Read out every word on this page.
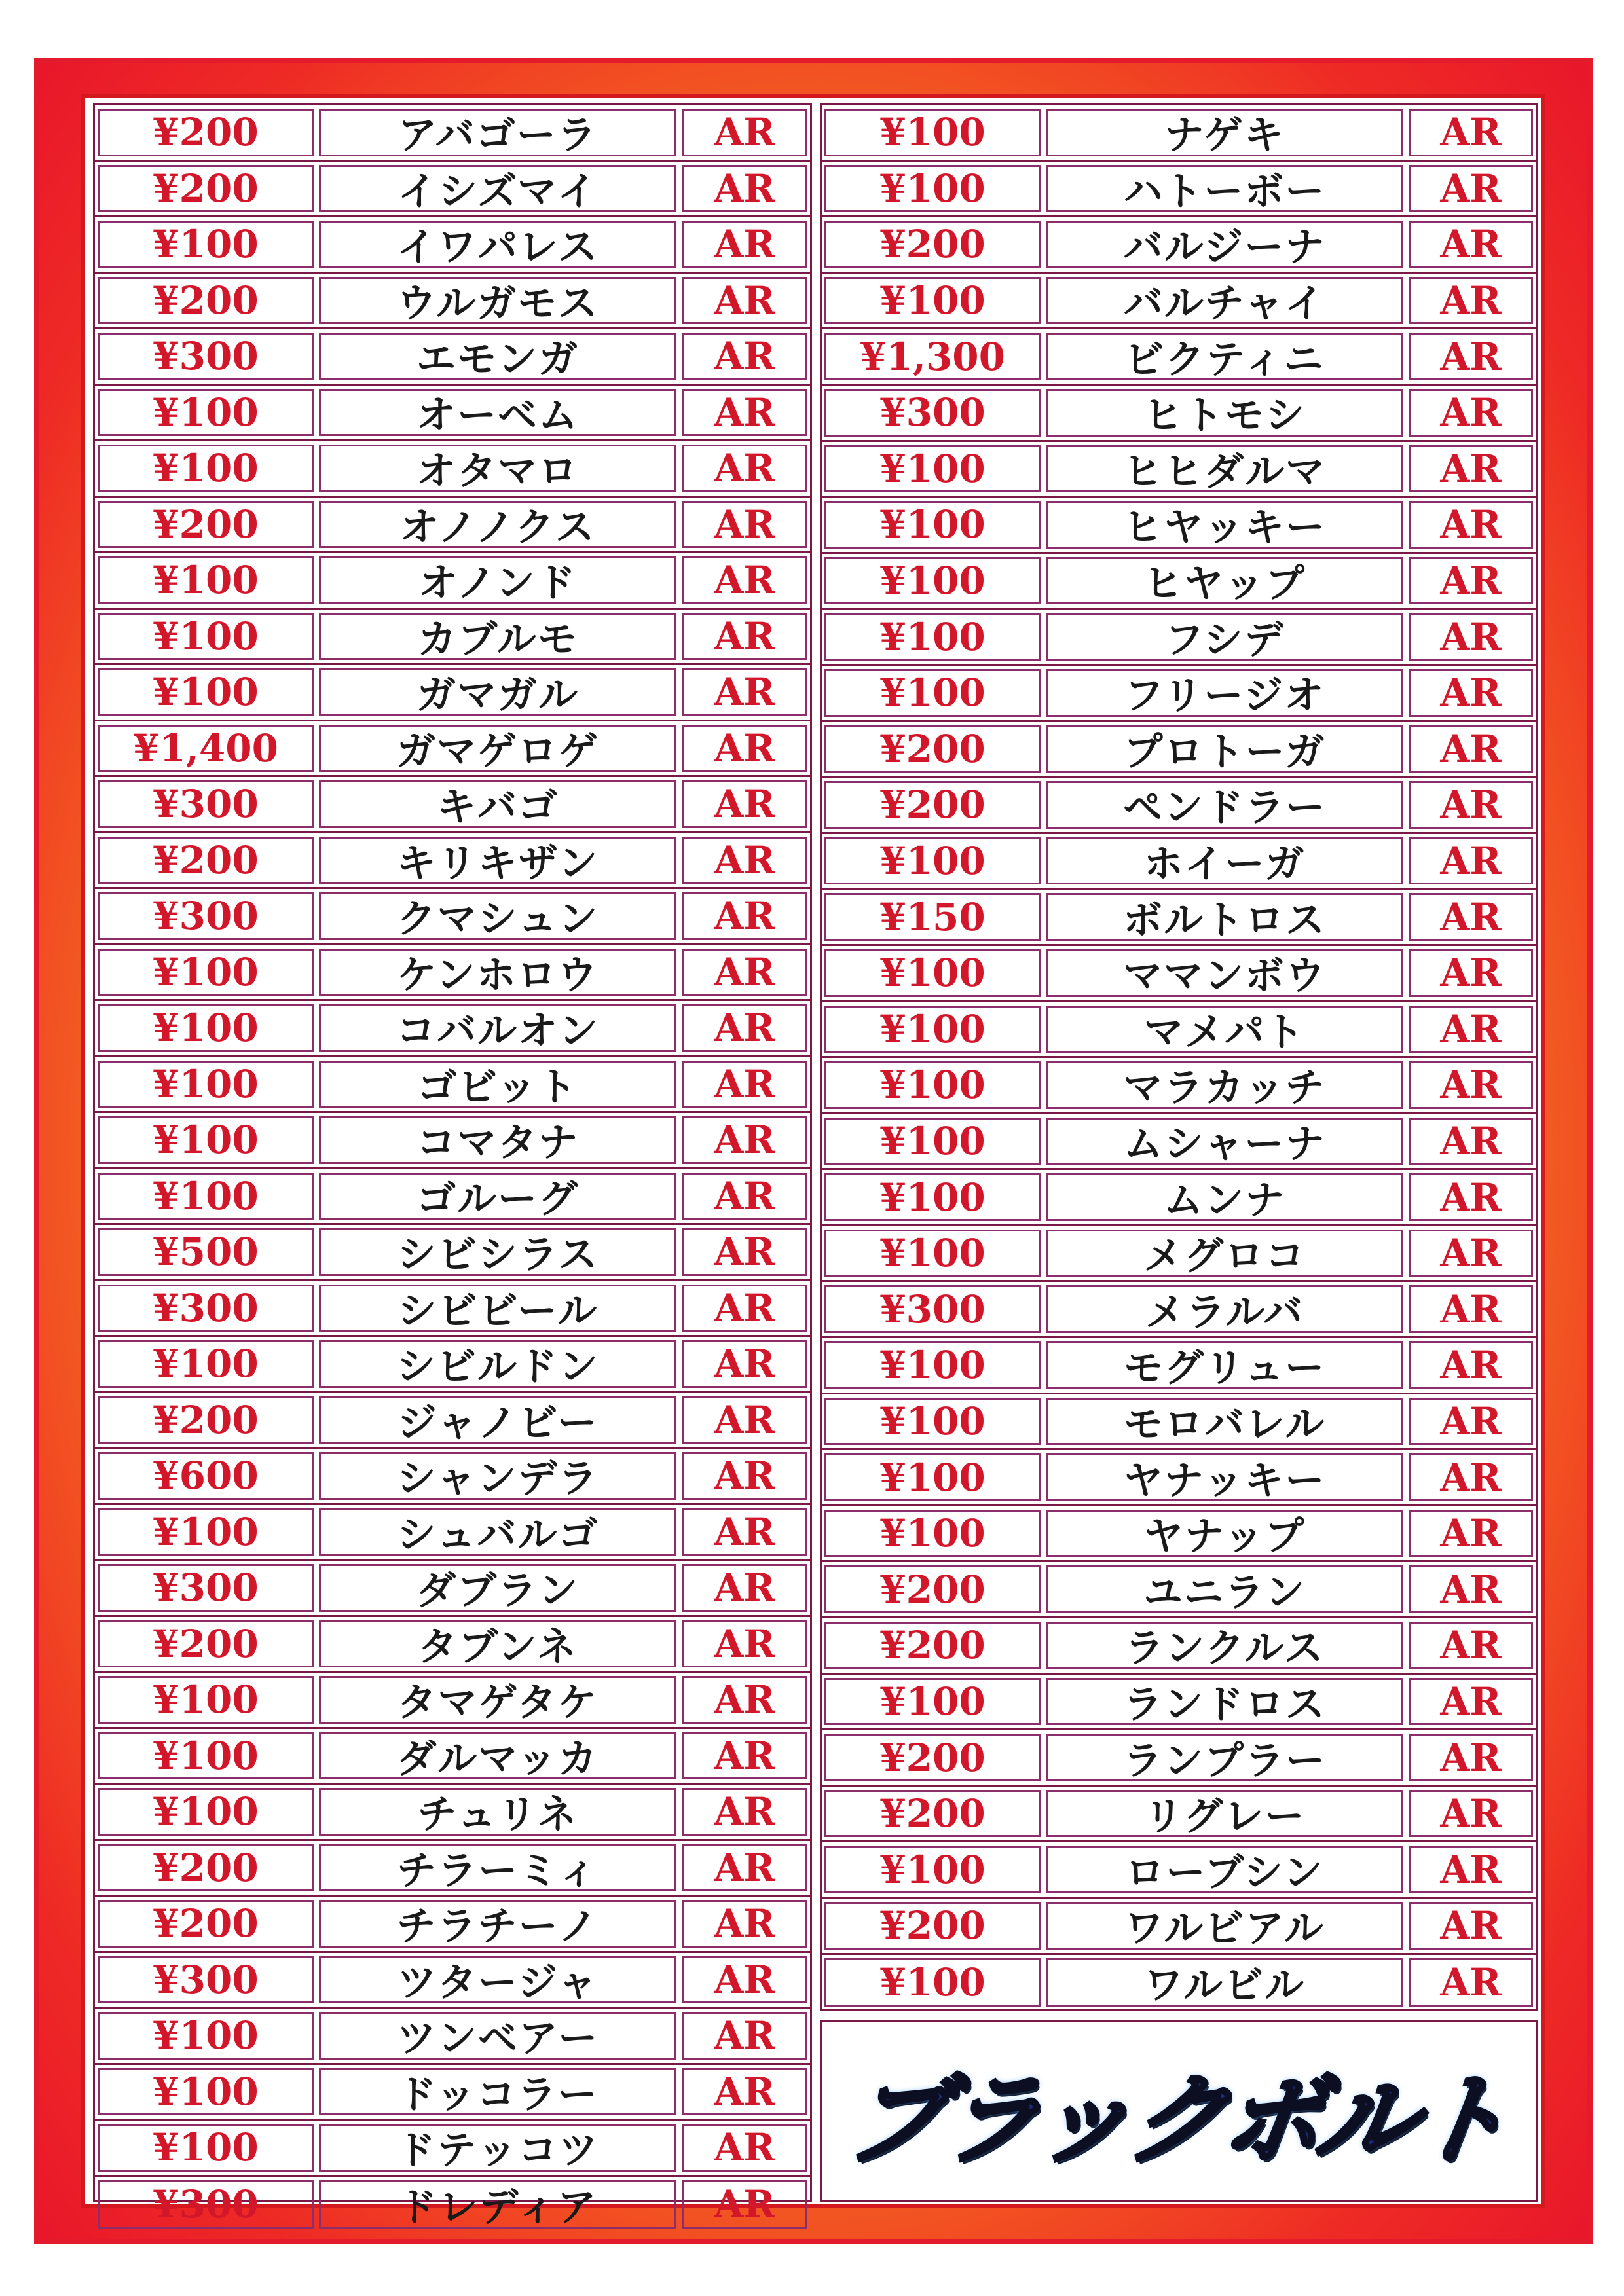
¥200	アバゴーラ	AR
¥200	イシズマイ	AR
¥100	イワパレス	AR
¥200	ウルガモス	AR
¥300	エモンガ	AR
¥100	オーベム	AR
¥100	オタマロ	AR
¥200	オノノクス	AR
¥100	オノンド	AR
¥100	カブルモ	AR
¥100	ガマガル	AR
¥1,400	ガマゲロゲ	AR
¥300	キバゴ	AR
¥200	キリキザン	AR
¥300	クマシュン	AR
¥100	ケンホロウ	AR
¥100	コバルオン	AR
¥100	ゴビット	AR
¥100	コマタナ	AR
¥100	ゴルーグ	AR
¥500	シビシラス	AR
¥300	シビビール	AR
¥100	シビルドン	AR
¥200	ジャノビー	AR
¥600	シャンデラ	AR
¥100	シュバルゴ	AR
¥300	ダブラン	AR
¥200	タブンネ	AR
¥100	タマゲタケ	AR
¥100	ダルマッカ	AR
¥100	チュリネ	AR
¥200	チラーミィ	AR
¥200	チラチーノ	AR
¥300	ツタージャ	AR
¥100	ツンベアー	AR
¥100	ドッコラー	AR
¥100	ドテッコツ	AR
¥300	ドレディア	AR
¥100	ナゲキ	AR
¥100	ハトーボー	AR
¥200	バルジーナ	AR
¥100	バルチャイ	AR
¥1,300	ビクティニ	AR
¥300	ヒトモシ	AR
¥100	ヒヒダルマ	AR
¥100	ヒヤッキー	AR
¥100	ヒヤップ	AR
¥100	フシデ	AR
¥100	フリージオ	AR
¥200	プロトーガ	AR
¥200	ペンドラー	AR
¥100	ホイーガ	AR
¥150	ボルトロス	AR
¥100	ママンボウ	AR
¥100	マメパト	AR
¥100	マラカッチ	AR
¥100	ムシャーナ	AR
¥100	ムンナ	AR
¥100	メグロコ	AR
¥300	メラルバ	AR
¥100	モグリュー	AR
¥100	モロバレル	AR
¥100	ヤナッキー	AR
¥100	ヤナップ	AR
¥200	ユニラン	AR
¥200	ランクルス	AR
¥100	ランドロス	AR
¥200	ランプラー	AR
¥200	リグレー	AR
¥100	ローブシン	AR
¥200	ワルビアル	AR
¥100	ワルビル	AR
ブラックボルト
